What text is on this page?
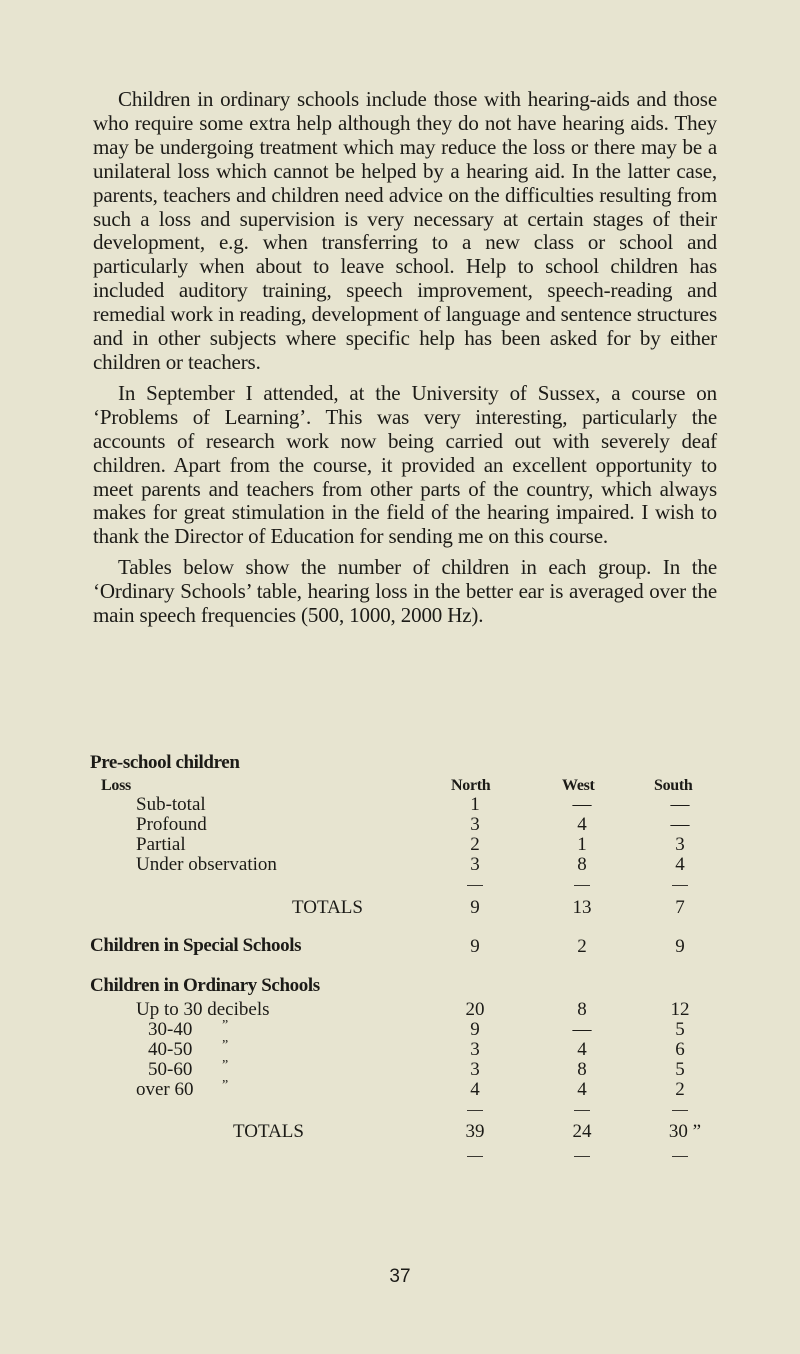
Children in ordinary schools include those with hearing-aids and those who require some extra help although they do not have hearing aids. They may be undergoing treatment which may reduce the loss or there may be a unilateral loss which cannot be helped by a hearing aid. In the latter case, parents, teachers and children need advice on the difficulties resulting from such a loss and supervision is very necessary at certain stages of their development, e.g. when transferring to a new class or school and particularly when about to leave school. Help to school children has included auditory training, speech improvement, speech-reading and remedial work in reading, development of language and sentence structures and in other subjects where specific help has been asked for by either children or teachers.

In September I attended, at the University of Sussex, a course on ‘Problems of Learning’. This was very interesting, particularly the accounts of research work now being carried out with severely deaf children. Apart from the course, it provided an excellent opportunity to meet parents and teachers from other parts of the country, which always makes for great stimulation in the field of the hearing impaired. I wish to thank the Director of Education for sending me on this course.

Tables below show the number of children in each group. In the ‘Ordinary Schools’ table, hearing loss in the better ear is averaged over the main speech frequencies (500, 1000, 2000 Hz).

Pre-school children
Loss	North	West	South
Sub-total	1	—	—
Profound	3	4	—
Partial	2	1	3
Under observation	3	8	4
TOTALS	9	13	7
Children in Special Schools	9	2	9
Children in Ordinary Schools
Up to 30 decibels	20	8	12
30-40 ”	9	—	5
40-50 ”	3	4	6
50-60 ”	3	8	5
over 60 ”	4	4	2
TOTALS	39	24	30 ”
37
